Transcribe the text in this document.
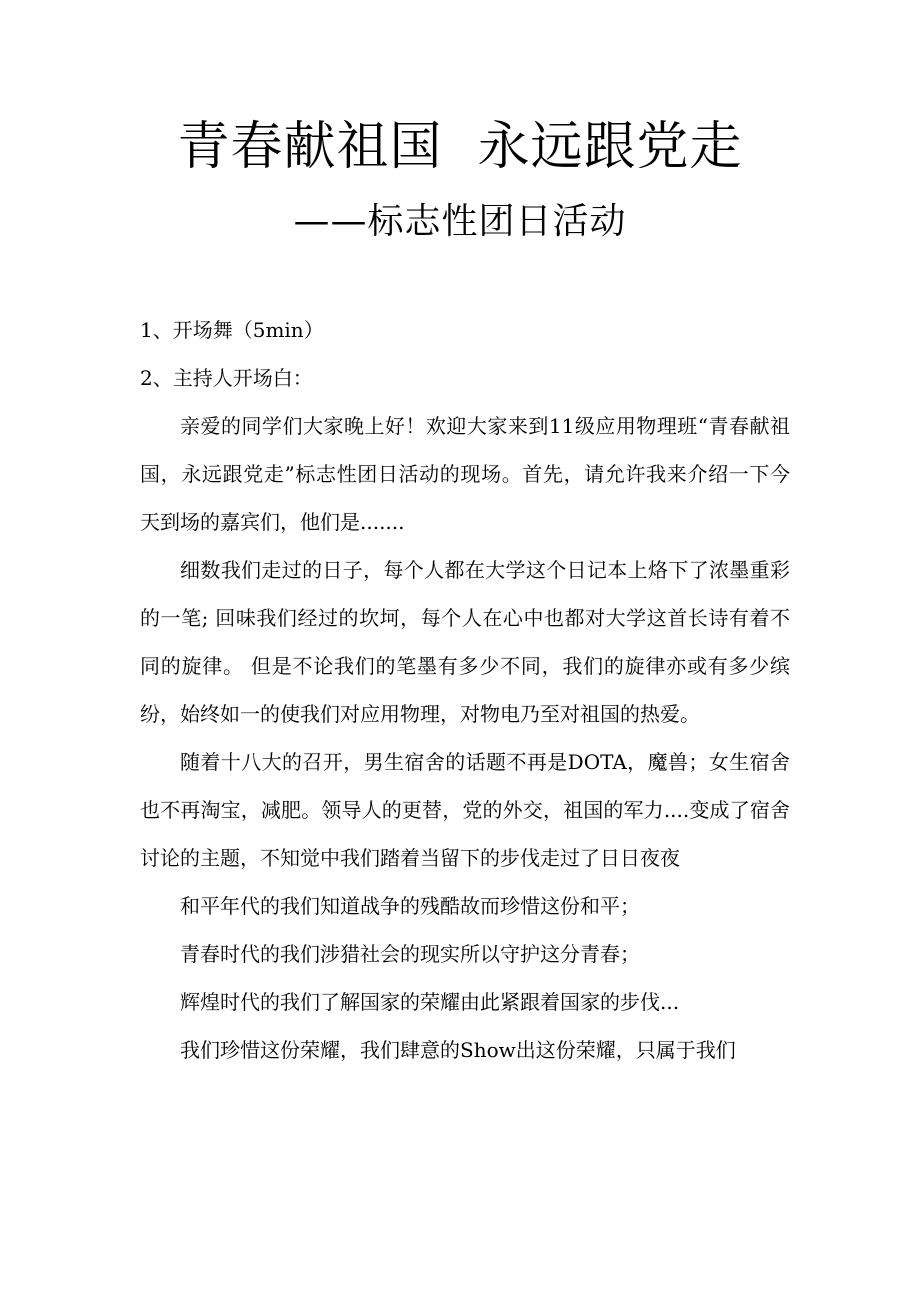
青春献祖国  永远跟党走
——标志性团日活动

1、开场舞（5min）

2、主持人开场白：

亲爱的同学们大家晚上好！欢迎大家来到11级应用物理班“青春献祖国，永远跟党走”标志性团日活动的现场。首先，请允许我来介绍一下今天到场的嘉宾们，他们是.......

细数我们走过的日子，每个人都在大学这个日记本上烙下了浓墨重彩的一笔; 回味我们经过的坎坷，每个人在心中也都对大学这首长诗有着不同的旋律。 但是不论我们的笔墨有多少不同，我们的旋律亦或有多少缤纷，始终如一的使我们对应用物理，对物电乃至对祖国的热爱。

随着十八大的召开，男生宿舍的话题不再是DOTA，魔兽；女生宿舍也不再淘宝，减肥。领导人的更替，党的外交，祖国的军力....变成了宿舍讨论的主题，不知觉中我们踏着当留下的步伐走过了日日夜夜

和平年代的我们知道战争的残酷故而珍惜这份和平；

青春时代的我们涉猎社会的现实所以守护这分青春；

辉煌时代的我们了解国家的荣耀由此紧跟着国家的步伐...

我们珍惜这份荣耀，我们肆意的Show出这份荣耀，只属于我们
